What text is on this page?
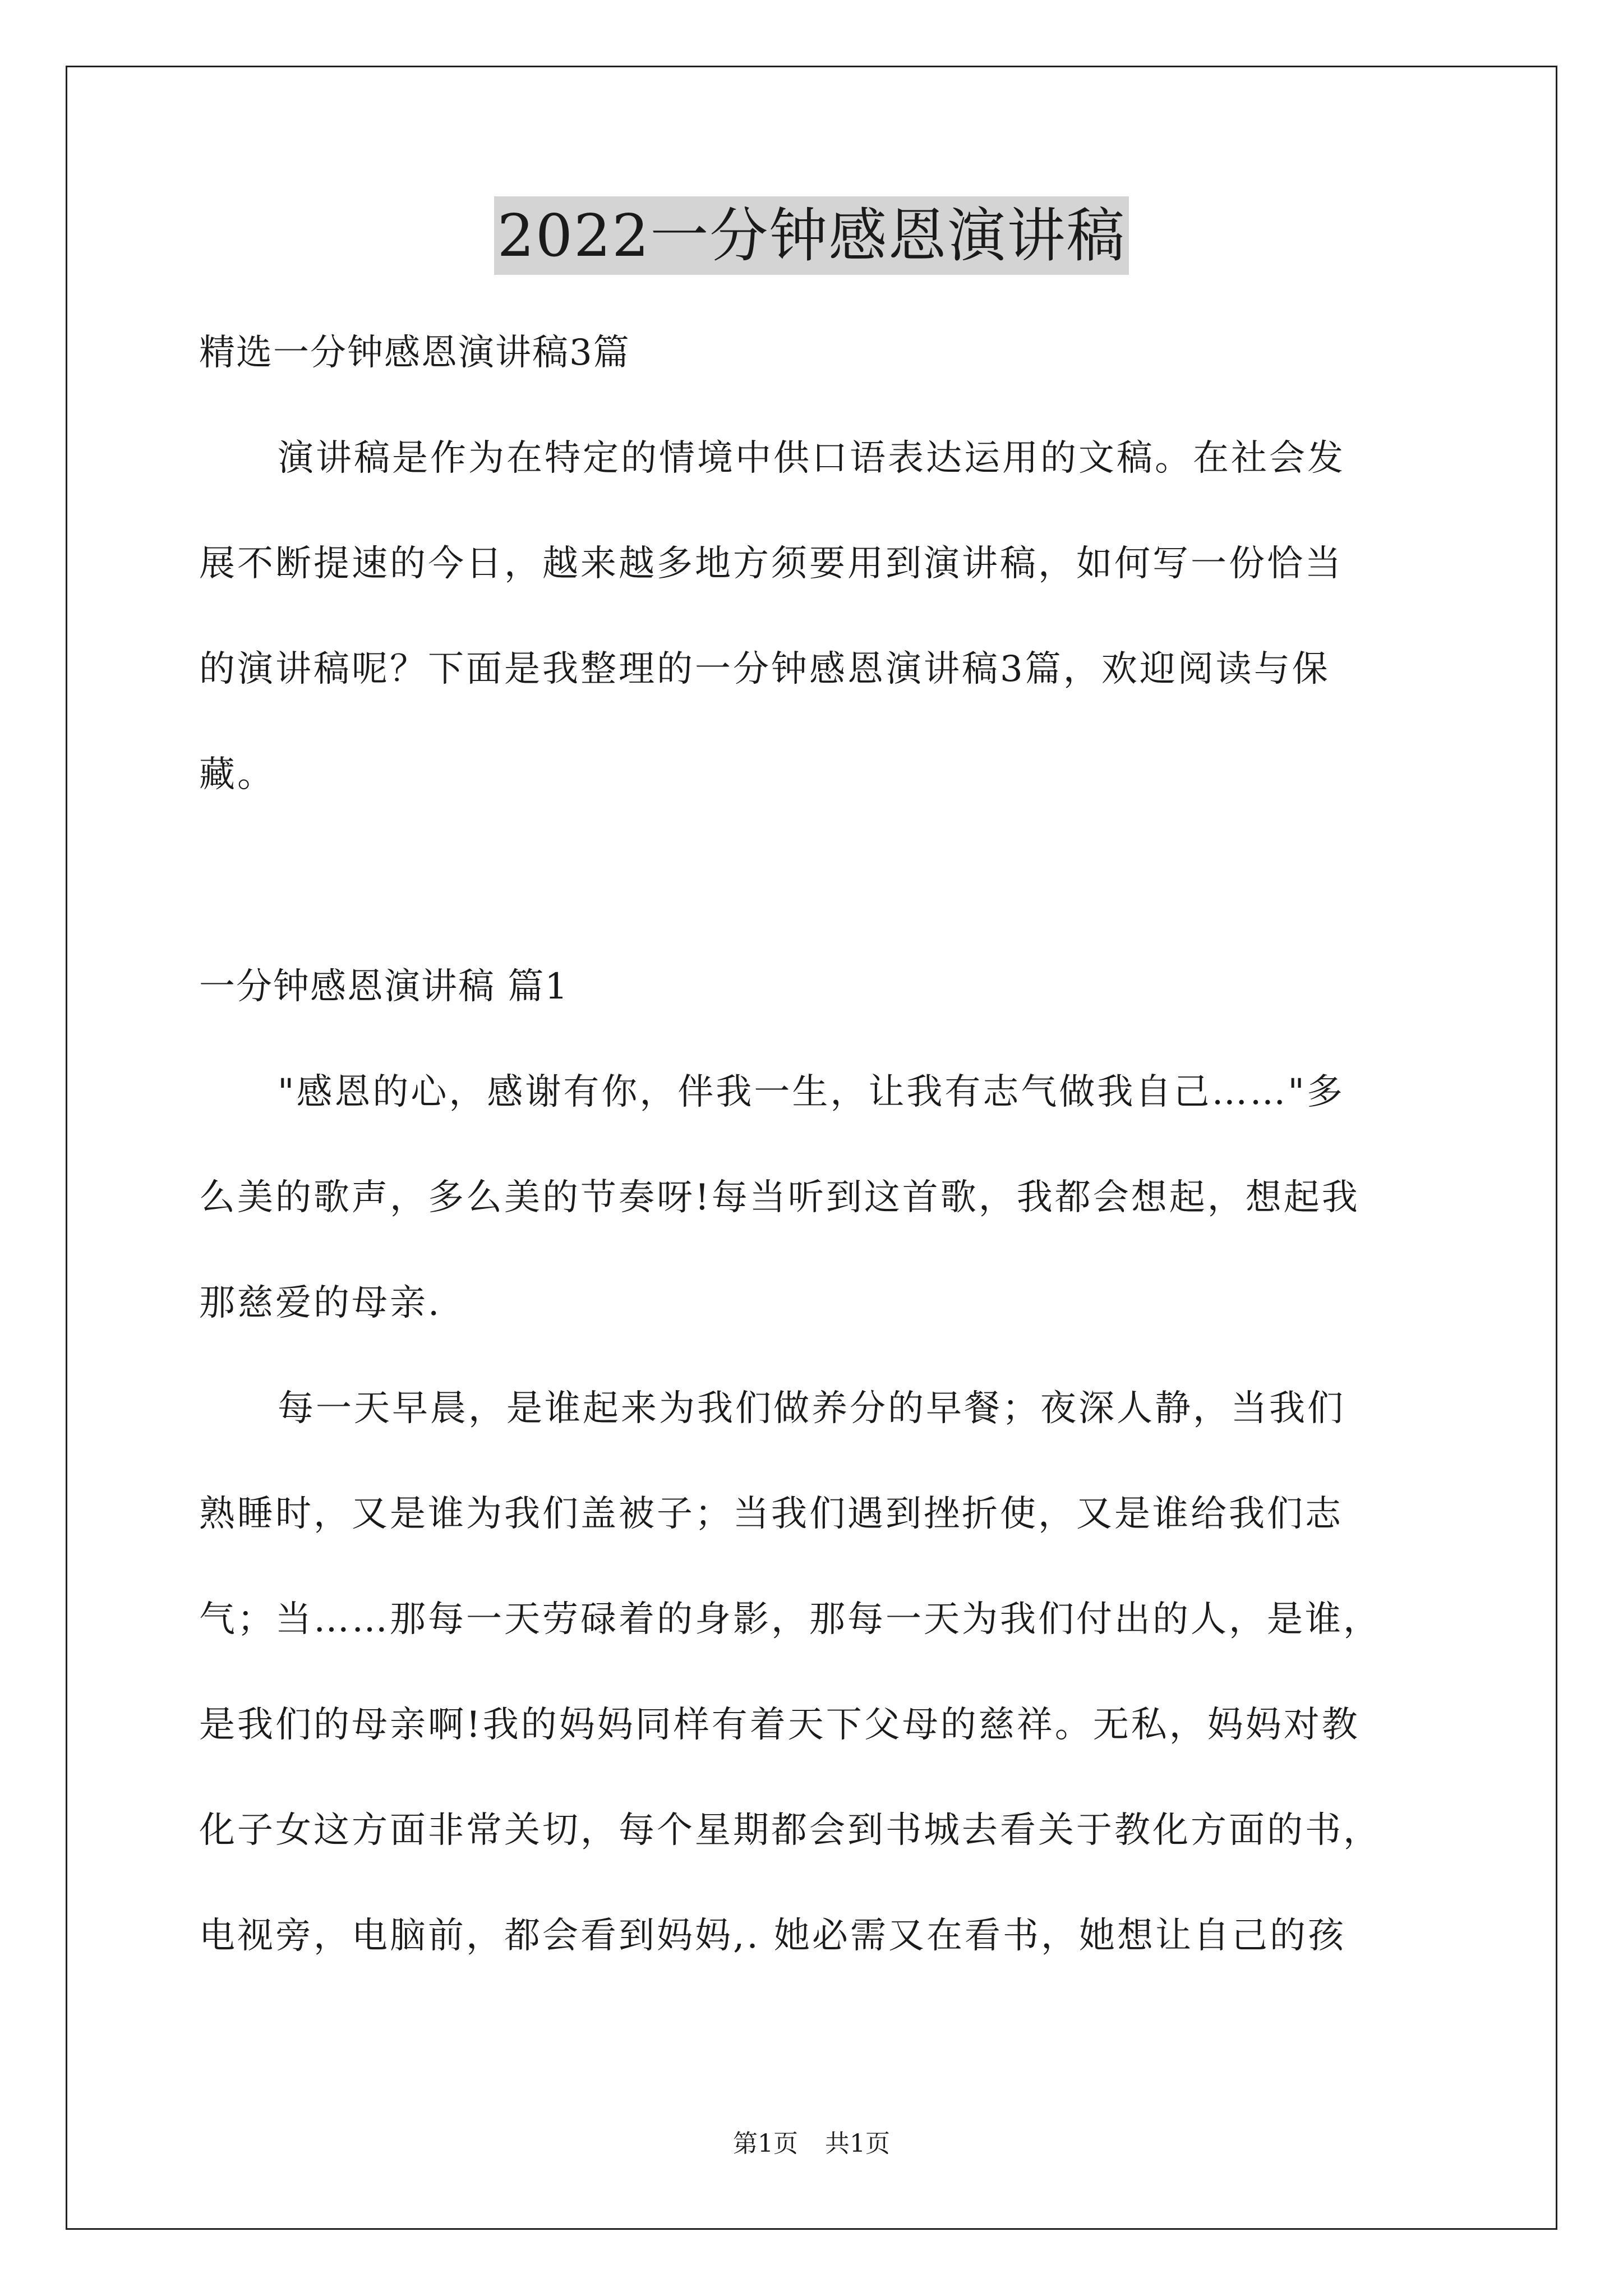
2022一分钟感恩演讲稿
精选一分钟感恩演讲稿3篇
演讲稿是作为在特定的情境中供口语表达运用的文稿。在社会发
展不断提速的今日，越来越多地方须要用到演讲稿，如何写一份恰当
的演讲稿呢？下面是我整理的一分钟感恩演讲稿3篇，欢迎阅读与保
藏。
一分钟感恩演讲稿 篇1
"感恩的心，感谢有你，伴我一生，让我有志气做我自己……"多
么美的歌声，多么美的节奏呀!每当听到这首歌，我都会想起，想起我
那慈爱的母亲.
每一天早晨，是谁起来为我们做养分的早餐；夜深人静，当我们
熟睡时，又是谁为我们盖被子；当我们遇到挫折使，又是谁给我们志
气；当……那每一天劳碌着的身影，那每一天为我们付出的人，是谁，
是我们的母亲啊!我的妈妈同样有着天下父母的慈祥。无私，妈妈对教
化子女这方面非常关切，每个星期都会到书城去看关于教化方面的书，
电视旁，电脑前，都会看到妈妈,. 她必需又在看书，她想让自己的孩
第1页 共1页
